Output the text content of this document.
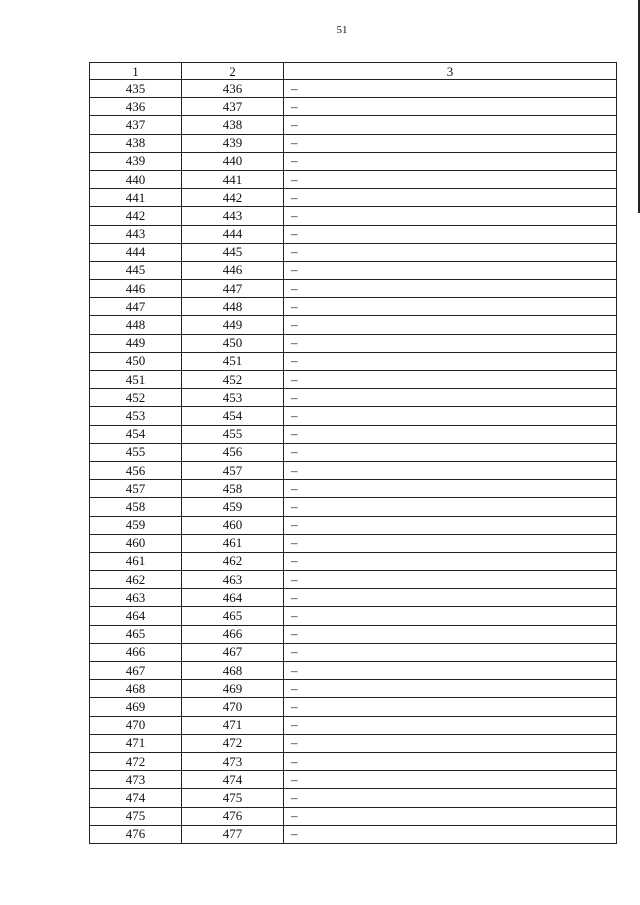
51
1	2	3
435	436	–
436	437	–
437	438	–
438	439	–
439	440	–
440	441	–
441	442	–
442	443	–
443	444	–
444	445	–
445	446	–
446	447	–
447	448	–
448	449	–
449	450	–
450	451	–
451	452	–
452	453	–
453	454	–
454	455	–
455	456	–
456	457	–
457	458	–
458	459	–
459	460	–
460	461	–
461	462	–
462	463	–
463	464	–
464	465	–
465	466	–
466	467	–
467	468	–
468	469	–
469	470	–
470	471	–
471	472	–
472	473	–
473	474	–
474	475	–
475	476	–
476	477	–
